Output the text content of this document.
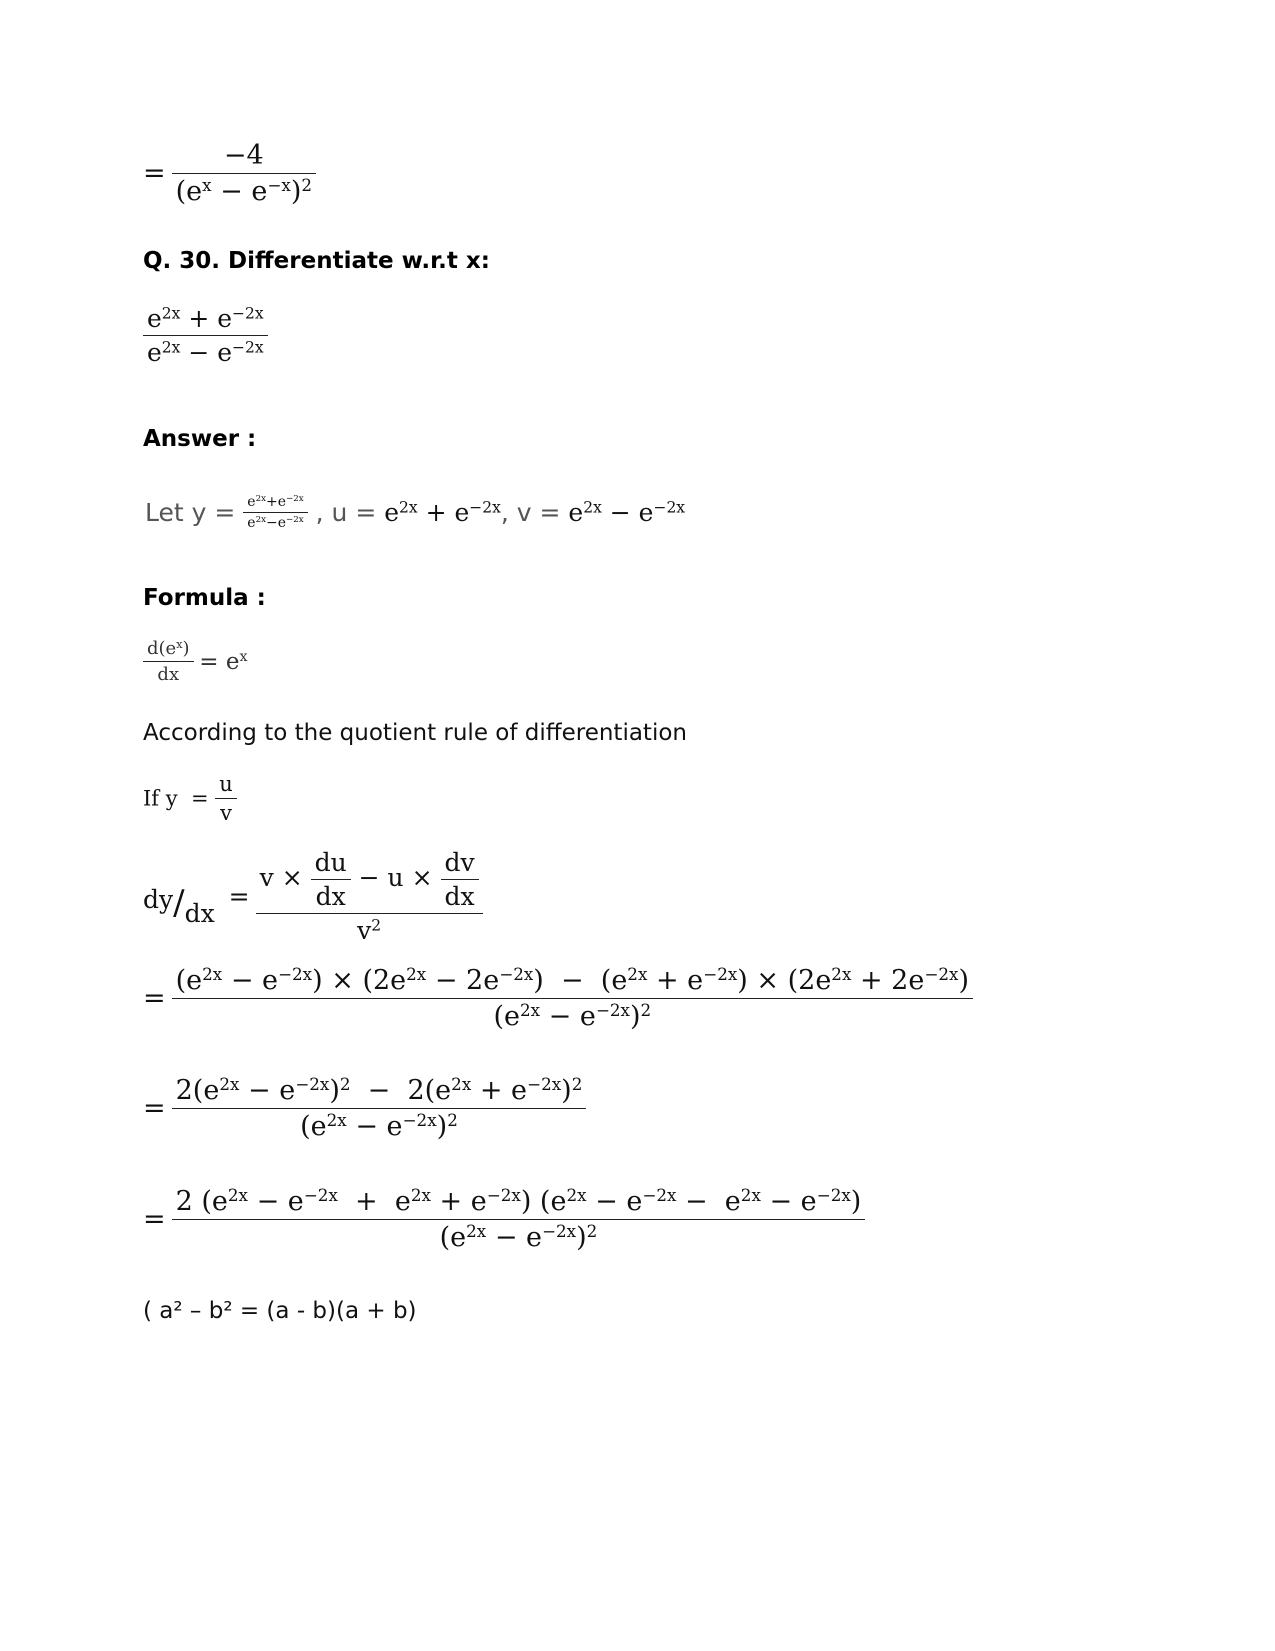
= $\frac{-4}{(e^x - e^{-x})^2}$
Q. 30. Differentiate w.r.t x:
$\frac{e^{2x} + e^{-2x}}{e^{2x} - e^{-2x}}$
Answer :
Let $y = \frac{e^{2x}+e^{-2x}}{e^{2x}-e^{-2x}}$ , $u = e^{2x} + e^{-2x}$, $v = e^{2x} - e^{-2x}$
Formula :
$\frac{d(e^x)}{dx} = e^x$
According to the quotient rule of differentiation
If $y = \frac{u}{v}$
$dy/dx = \frac{v \times \frac{du}{dx} - u \times \frac{dv}{dx}}{v^2}$
=
$(e^{2x} - e^{-2x}) \times (2e^{2x} - 2e^{-2x}) - (e^{2x} + e^{-2x}) \times (2e^{2x} + 2e^{-2x})$
$(e^{2x} - e^{-2x})^2$
= $\frac{2(e^{2x} - e^{-2x})^2 - 2(e^{2x} + e^{-2x})^2}{(e^{2x} - e^{-2x})^2}$
= $\frac{2 (e^{2x} - e^{-2x} + e^{2x} + e^{-2x}) (e^{2x} - e^{-2x} - e^{2x} - e^{-2x})}{(e^{2x} - e^{-2x})^2}$
( a² – b² = (a - b)(a + b)
